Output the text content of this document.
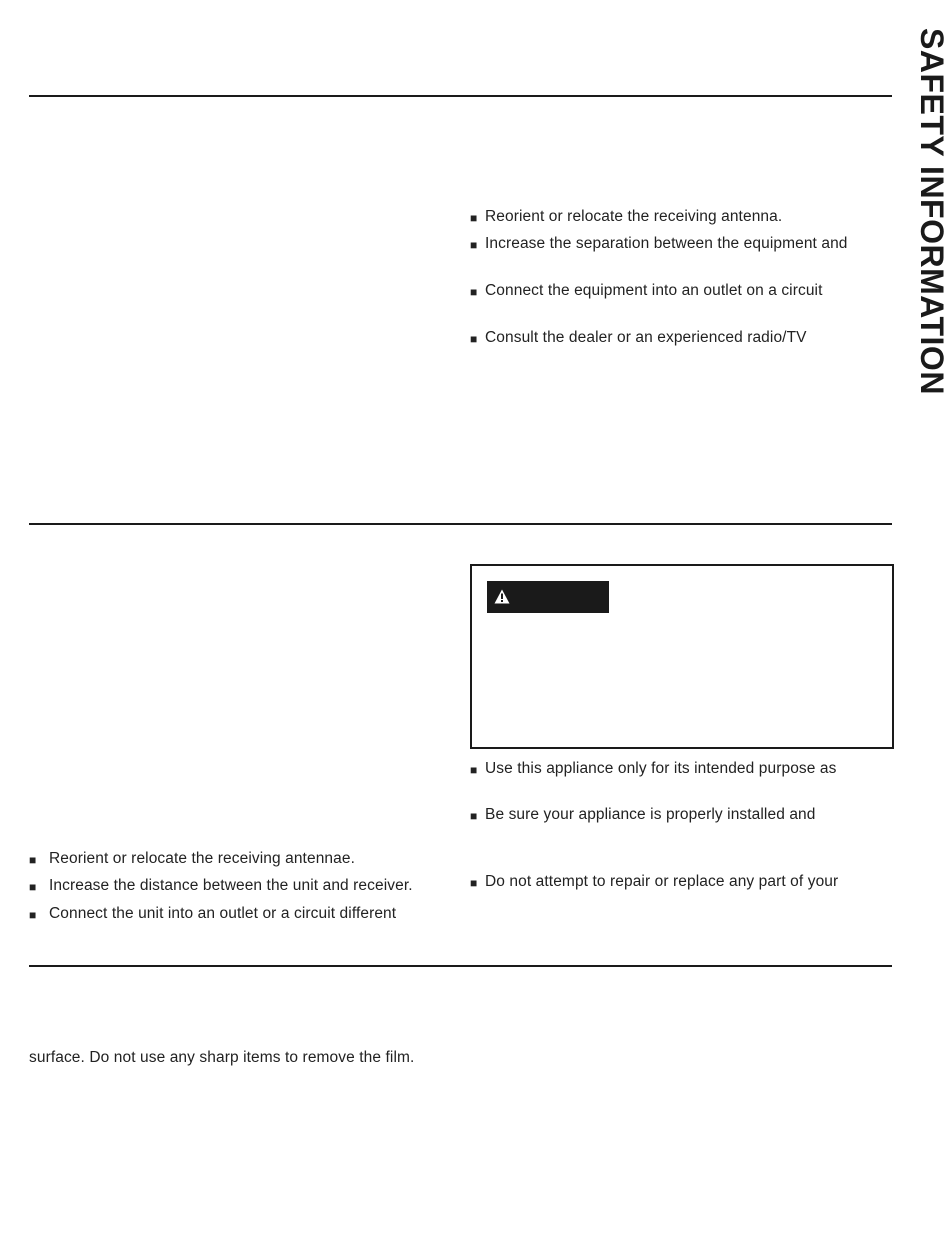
SAFETY INFORMATION
■ Reorient or relocate the receiving antenna.
■ Increase the separation between the equipment and
■ Connect the equipment into an outlet on a circuit
■ Consult the dealer or an experienced radio/TV
■ Use this appliance only for its intended purpose as
■ Be sure your appliance is properly installed and
■ Do not attempt to repair or replace any part of your
■ Reorient or relocate the receiving antennae.
■ Increase the distance between the unit and receiver.
■ Connect the unit into an outlet or a circuit different
surface. Do not use any sharp items to remove the film.
